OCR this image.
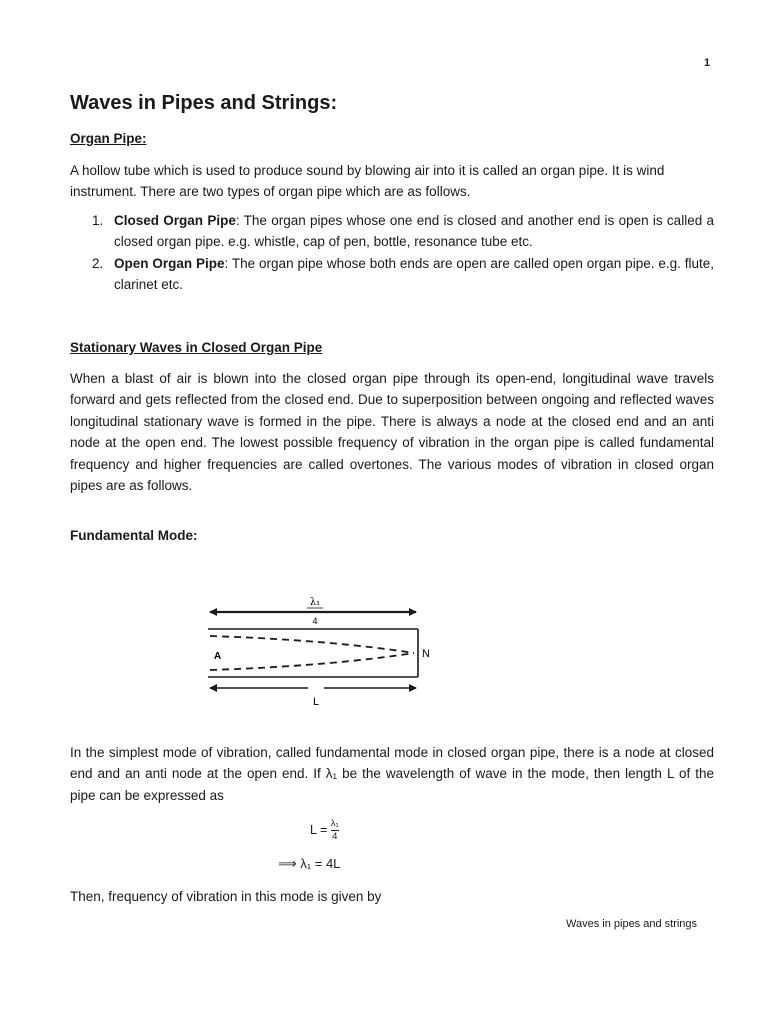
1
Waves in Pipes and Strings:
Organ Pipe:

A hollow tube which is used to produce sound by blowing air into it is called an organ pipe. It is wind instrument. There are two types of organ pipe which are as follows.

1. Closed Organ Pipe: The organ pipes whose one end is closed and another end is open is called a closed organ pipe. e.g. whistle, cap of pen, bottle, resonance tube etc.
2. Open Organ Pipe: The organ pipe whose both ends are open are called open organ pipe. e.g. flute, clarinet etc.
Stationary Waves in Closed Organ Pipe

When a blast of air is blown into the closed organ pipe through its open-end, longitudinal wave travels forward and gets reflected from the closed end. Due to superposition between ongoing and reflected waves longitudinal stationary wave is formed in the pipe. There is always a node at the closed end and an anti node at the open end. The lowest possible frequency of vibration in the organ pipe is called fundamental frequency and higher frequencies are called overtones. The various modes of vibration in closed organ pipes are as follows.

Fundamental Mode:
λ₁
4
A	N
L

In the simplest mode of vibration, called fundamental mode in closed organ pipe, there is a node at closed end and an anti node at the open end. If λ₁ be the wavelength of wave in the mode, then length L of the pipe can be expressed as

$L = \frac{\text{λ₁}}{4}$
⟹ λ₁ = 4L

Then, frequency of vibration in this mode is given by

Waves in pipes and strings
